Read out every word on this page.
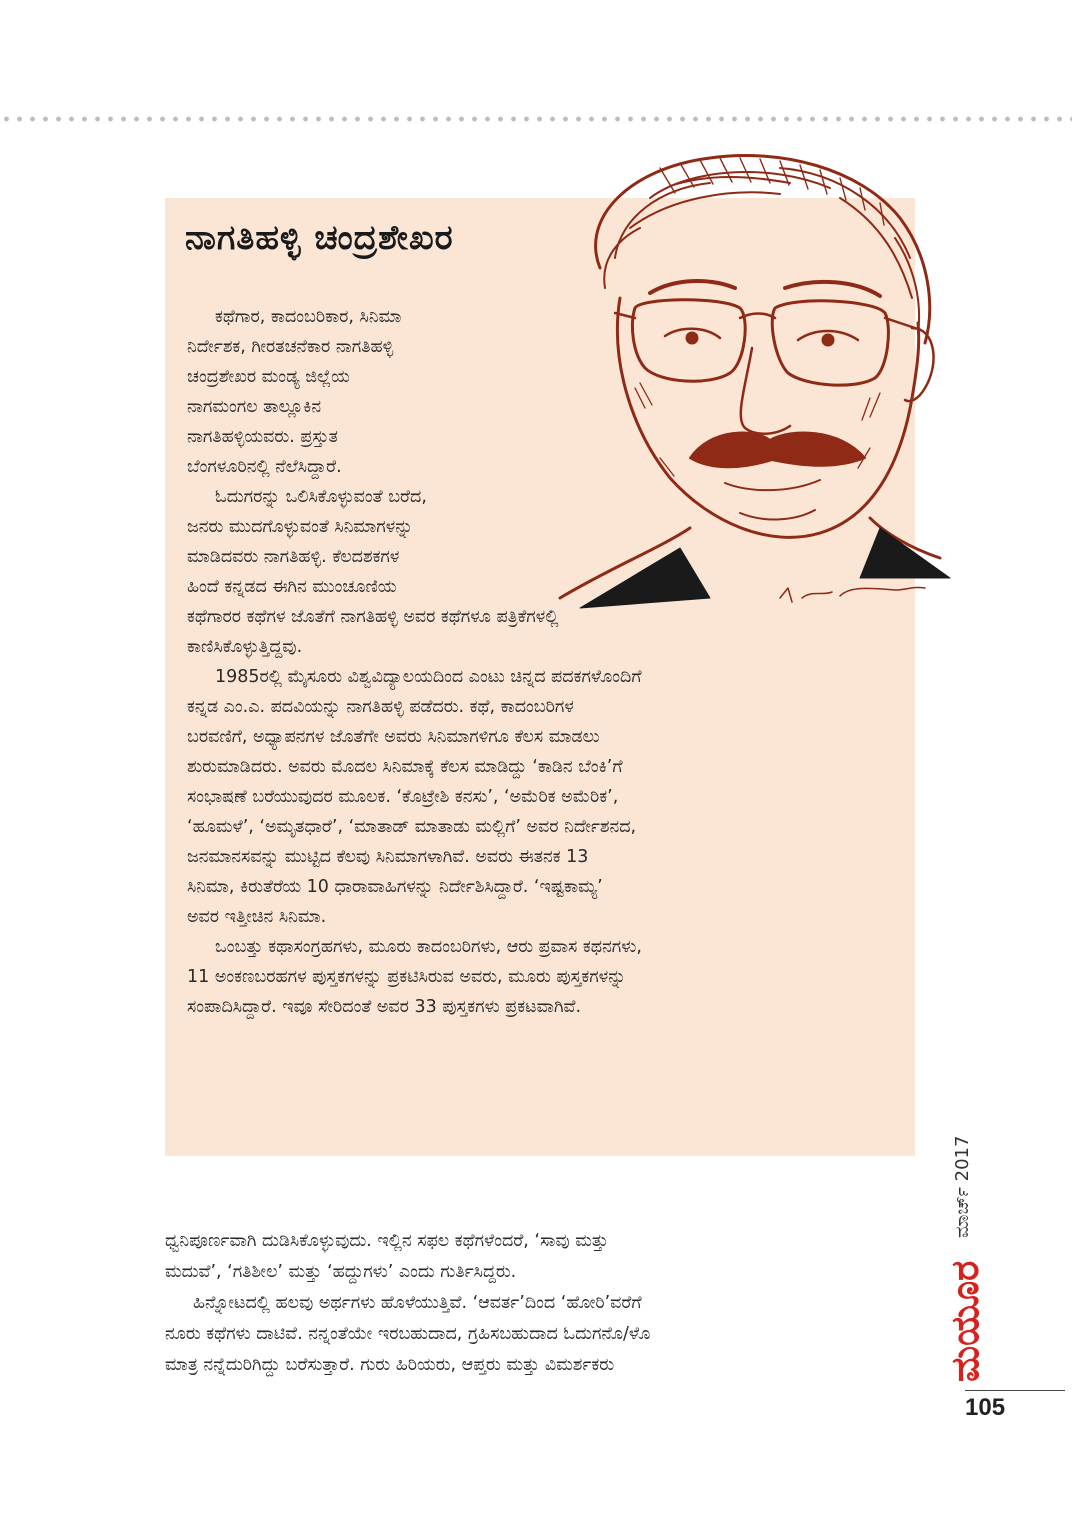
ನಾಗತಿಹಳ್ಳಿ ಚಂದ್ರಶೇಖರ
ಕಥೆಗಾರ, ಕಾದಂಬರಿಕಾರ, ಸಿನಿಮಾ
ನಿರ್ದೇಶಕ, ಗೀರತಚನೆಕಾರ ನಾಗತಿಹಳ್ಳಿ
ಚಂದ್ರಶೇಖರ ಮಂಡ್ಯ ಜಿಲ್ಲೆಯ
ನಾಗಮಂಗಲ ತಾಲ್ಲೂಕಿನ
ನಾಗತಿಹಳ್ಳಿಯವರು. ಪ್ರಸ್ತುತ
ಬೆಂಗಳೂರಿನಲ್ಲಿ ನೆಲೆಸಿದ್ದಾರೆ.
ಓದುಗರನ್ನು ಒಲಿಸಿಕೊಳ್ಳುವಂತೆ ಬರೆದ,
ಜನರು ಮುದಗೊಳ್ಳುವಂತೆ ಸಿನಿಮಾಗಳನ್ನು
ಮಾಡಿದವರು ನಾಗತಿಹಳ್ಳಿ. ಕೆಲದಶಕಗಳ
ಹಿಂದೆ ಕನ್ನಡದ ಈಗಿನ ಮುಂಚೂಣಿಯ
ಕಥೆಗಾರರ ಕಥೆಗಳ ಜೊತೆಗೆ ನಾಗತಿಹಳ್ಳಿ ಅವರ ಕಥೆಗಳೂ ಪತ್ರಿಕೆಗಳಲ್ಲಿ
ಕಾಣಿಸಿಕೊಳ್ಳುತ್ತಿದ್ದವು.
1985ರಲ್ಲಿ ಮೈಸೂರು ವಿಶ್ವವಿದ್ಯಾಲಯದಿಂದ ಎಂಟು ಚಿನ್ನದ ಪದಕಗಳೊಂದಿಗೆ
ಕನ್ನಡ ಎಂ.ಎ. ಪದವಿಯನ್ನು ನಾಗತಿಹಳ್ಳಿ ಪಡೆದರು. ಕಥೆ, ಕಾದಂಬರಿಗಳ
ಬರವಣಿಗೆ, ಅಧ್ಯಾಪನಗಳ ಜೊತೆಗೇ ಅವರು ಸಿನಿಮಾಗಳಿಗೂ ಕೆಲಸ ಮಾಡಲು
ಶುರುಮಾಡಿದರು. ಅವರು ಮೊದಲ ಸಿನಿಮಾಕ್ಕೆ ಕೆಲಸ ಮಾಡಿದ್ದು ‘ಕಾಡಿನ ಬೆಂಕಿ’ಗೆ
ಸಂಭಾಷಣೆ ಬರೆಯುವುದರ ಮೂಲಕ. ‘ಕೊಟ್ರೇಶಿ ಕನಸು’, ‘ಅಮೆರಿಕ ಅಮೆರಿಕ’,
‘ಹೂಮಳೆ’, ‘ಅಮೃತಧಾರೆ’, ‘ಮಾತಾಡ್ ಮಾತಾಡು ಮಲ್ಲಿಗೆ’ ಅವರ ನಿರ್ದೇಶನದ,
ಜನಮಾನಸವನ್ನು ಮುಟ್ಟಿದ ಕೆಲವು ಸಿನಿಮಾಗಳಾಗಿವೆ. ಅವರು ಈತನಕ 13
ಸಿನಿಮಾ, ಕಿರುತೆರೆಯ 10 ಧಾರಾವಾಹಿಗಳನ್ನು ನಿರ್ದೇಶಿಸಿದ್ದಾರೆ. ‘ಇಷ್ಟಕಾಮ್ಯ’
ಅವರ ಇತ್ತೀಚಿನ ಸಿನಿಮಾ.
ಒಂಬತ್ತು ಕಥಾಸಂಗ್ರಹಗಳು, ಮೂರು ಕಾದಂಬರಿಗಳು, ಆರು ಪ್ರವಾಸ ಕಥನಗಳು,
11 ಅಂಕಣಬರಹಗಳ ಪುಸ್ತಕಗಳನ್ನು ಪ್ರಕಟಿಸಿರುವ ಅವರು, ಮೂರು ಪುಸ್ತಕಗಳನ್ನು
ಸಂಪಾದಿಸಿದ್ದಾರೆ. ಇವೂ ಸೇರಿದಂತೆ ಅವರ 33 ಪುಸ್ತಕಗಳು ಪ್ರಕಟವಾಗಿವೆ.
ಧ್ವನಿಪೂರ್ಣವಾಗಿ ದುಡಿಸಿಕೊಳ್ಳುವುದು. ಇಲ್ಲಿನ ಸಫಲ ಕಥೆಗಳೆಂದರೆ, ‘ಸಾವು ಮತ್ತು
ಮದುವೆ’, ‘ಗತಿಶೀಲ’ ಮತ್ತು ‘ಹದ್ದುಗಳು’ ಎಂದು ಗುರ್ತಿಸಿದ್ದರು.
ಹಿನ್ನೋಟದಲ್ಲಿ ಹಲವು ಅರ್ಥಗಳು ಹೊಳೆಯುತ್ತಿವೆ. ‘ಆವರ್ತ’ದಿಂದ ‘ಹೋರಿ’ವರೆಗೆ
ನೂರು ಕಥೆಗಳು ದಾಟಿವೆ. ನನ್ನಂತೆಯೇ ಇರಬಹುದಾದ, ಗ್ರಹಿಸಬಹುದಾದ ಓದುಗನೊ/ಳೊ
ಮಾತ್ರ ನನ್ನೆದುರಿಗಿದ್ದು ಬರೆಸುತ್ತಾರೆ. ಗುರು ಹಿರಿಯರು, ಆಪ್ತರು ಮತ್ತು ವಿಮರ್ಶಕರು
ಮಾರ್ಚ್ 2017
ಮಯೂರ
105
